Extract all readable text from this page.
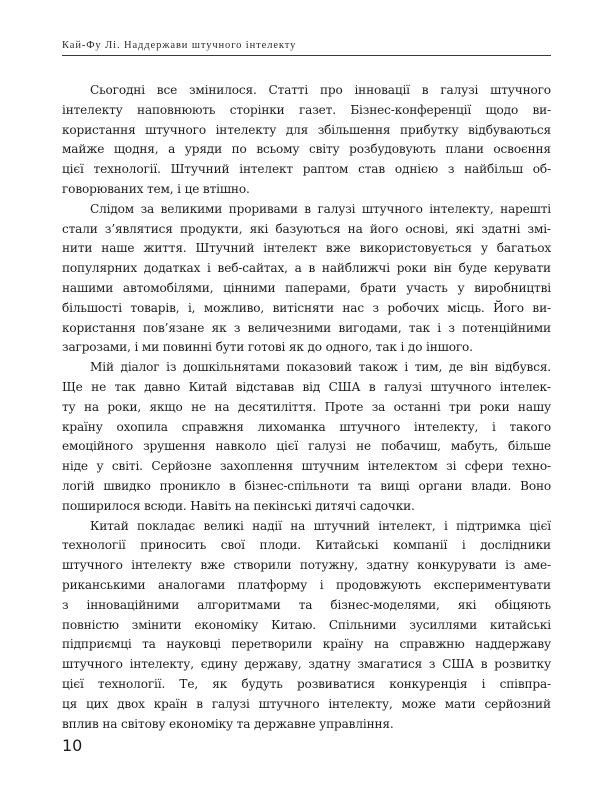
Кай-Фу Лі. Наддержави штучного інтелекту
Сьогодні все змінилося. Статті про інновації в галузі штучного
інтелекту наповнюють сторінки газет. Бізнес-конференції щодо ви-
користання штучного інтелекту для збільшення прибутку відбуваються
майже щодня, а уряди по всьому світу розбудовують плани освоєння
цієї технології. Штучний інтелект раптом став однією з найбільш об-
говорюваних тем, і це втішно.
Слідом за великими проривами в галузі штучного інтелекту, нарешті
стали з’являтися продукти, які базуються на його основі, які здатні змі-
нити наше життя. Штучний інтелект вже використовується у багатьох
популярних додатках і веб-сайтах, а в найближчі роки він буде керувати
нашими автомобілями, цінними паперами, брати участь у виробництві
більшості товарів, і, можливо, витісняти нас з робочих місць. Його ви-
користання пов’язане як з величезними вигодами, так і з потенційними
загрозами, і ми повинні бути готові як до одного, так і до іншого.
Мій діалог із дошкільнятами показовий також і тим, де він відбувся.
Ще не так давно Китай відставав від США в галузі штучного інтелек-
ту на роки, якщо не на десятиліття. Проте за останні три роки нашу
країну охопила справжня лихоманка штучного інтелекту, і такого
емоційного зрушення навколо цієї галузі не побачиш, мабуть, більше
ніде у світі. Серйозне захоплення штучним інтелектом зі сфери техно-
логій швидко проникло в бізнес-спільноти та вищі органи влади. Воно
поширилося всюди. Навіть на пекінські дитячі садочки.
Китай покладає великі надії на штучний інтелект, і підтримка цієї
технології приносить свої плоди. Китайські компанії і дослідники
штучного інтелекту вже створили потужну, здатну конкурувати із аме-
риканськими аналогами платформу і продовжують експериментувати
з інноваційними алгоритмами та бізнес-моделями, які обіцяють
повністю змінити економіку Китаю. Спільними зусиллями китайські
підприємці та науковці перетворили країну на справжню наддержаву
штучного інтелекту, єдину державу, здатну змагатися з США в розвитку
цієї технології. Те, як будуть розвиватися конкуренція і співпра-
ця цих двох країн в галузі штучного інтелекту, може мати серйозний
вплив на світову економіку та державне управління.
10
